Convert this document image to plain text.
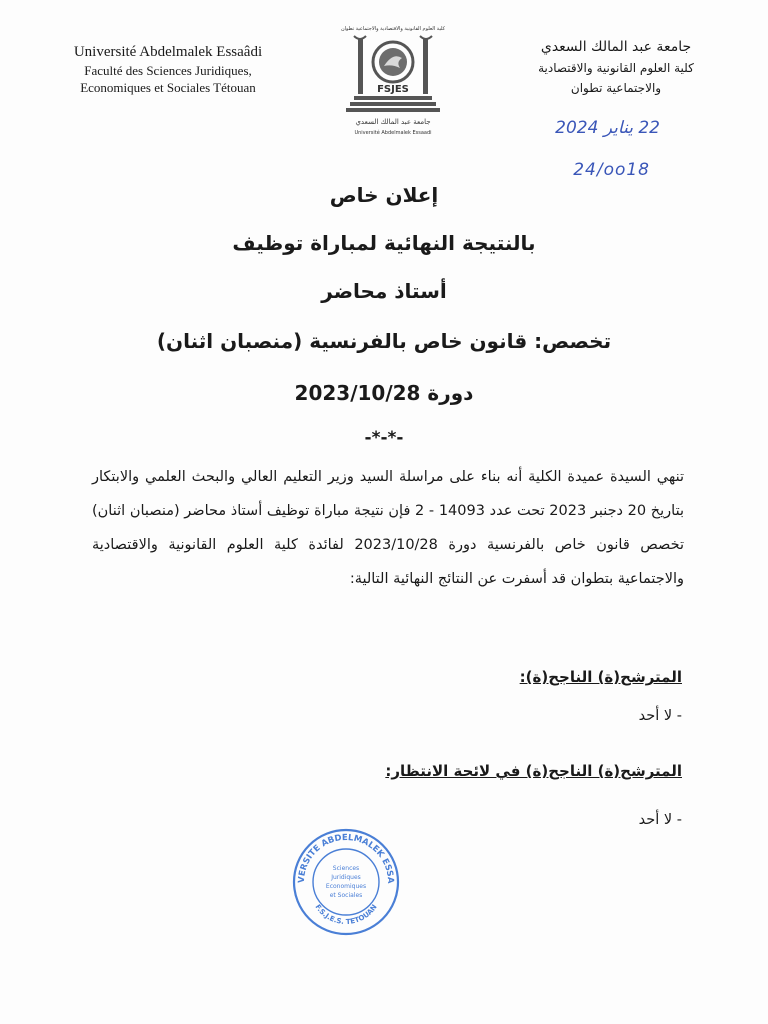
Université Abdelmalek Essaâdi
Faculté des Sciences Juridiques,
Economiques et Sociales Tétouan
كلية العلوم القانونية والاقتصادية والاجتماعية تطوان
FSJES
جامعة عبد المالك السعدي
Université Abdelmalek Essaadi
جامعة عبد المالك السعدي
كلية العلوم القانونية والاقتصادية
والاجتماعية تطوان
22 يناير 2024
24/oo18
إعلان خاص
بالنتيجة النهائية لمباراة توظيف
أستاذ محاضر
تخصص: قانون خاص بالفرنسية (منصبان اثنان)
دورة 2023/10/28
-*-*-
تنهي السيدة عميدة الكلية أنه بناء على مراسلة السيد وزير التعليم العالي والبحث العلمي والابتكار بتاريخ 20 دجنبر 2023 تحت عدد 14093 - 2 فإن نتيجة مباراة توظيف أستاذ محاضر (منصبان اثنان) تخصص قانون خاص بالفرنسية دورة 2023/10/28 لفائدة كلية العلوم القانونية والاقتصادية والاجتماعية بتطوان قد أسفرت عن النتائج النهائية التالية:
المترشح(ة) الناجح(ة):
- لا أحد
المترشح(ة) الناجح(ة) في لائحة الانتظار:
- لا أحد
VERSITE ABDELMALEK ESSA
F.S.J.E.S. TETOUAN
Sciences
Juridiques
Economiques
et Sociales
